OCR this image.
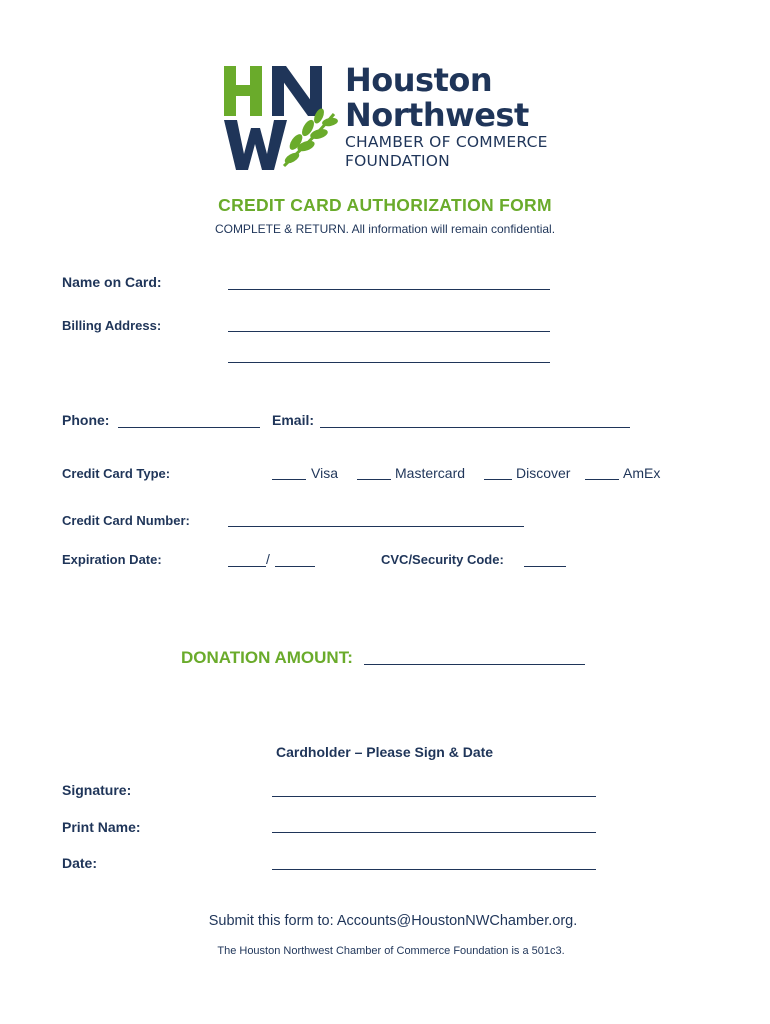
Houston
Northwest
CHAMBER OF COMMERCE
FOUNDATION
CREDIT CARD AUTHORIZATION FORM
COMPLETE & RETURN. All information will remain confidential.
Name on Card:
Billing Address:
Phone:	Email:
Credit Card Type:	Visa	Mastercard	Discover	AmEx
Credit Card Number:
Expiration Date:	/	CVC/Security Code:
DONATION AMOUNT:
Cardholder – Please Sign & Date
Signature:
Print Name:
Date:
Submit this form to: Accounts@HoustonNWChamber.org.
The Houston Northwest Chamber of Commerce Foundation is a 501c3.
